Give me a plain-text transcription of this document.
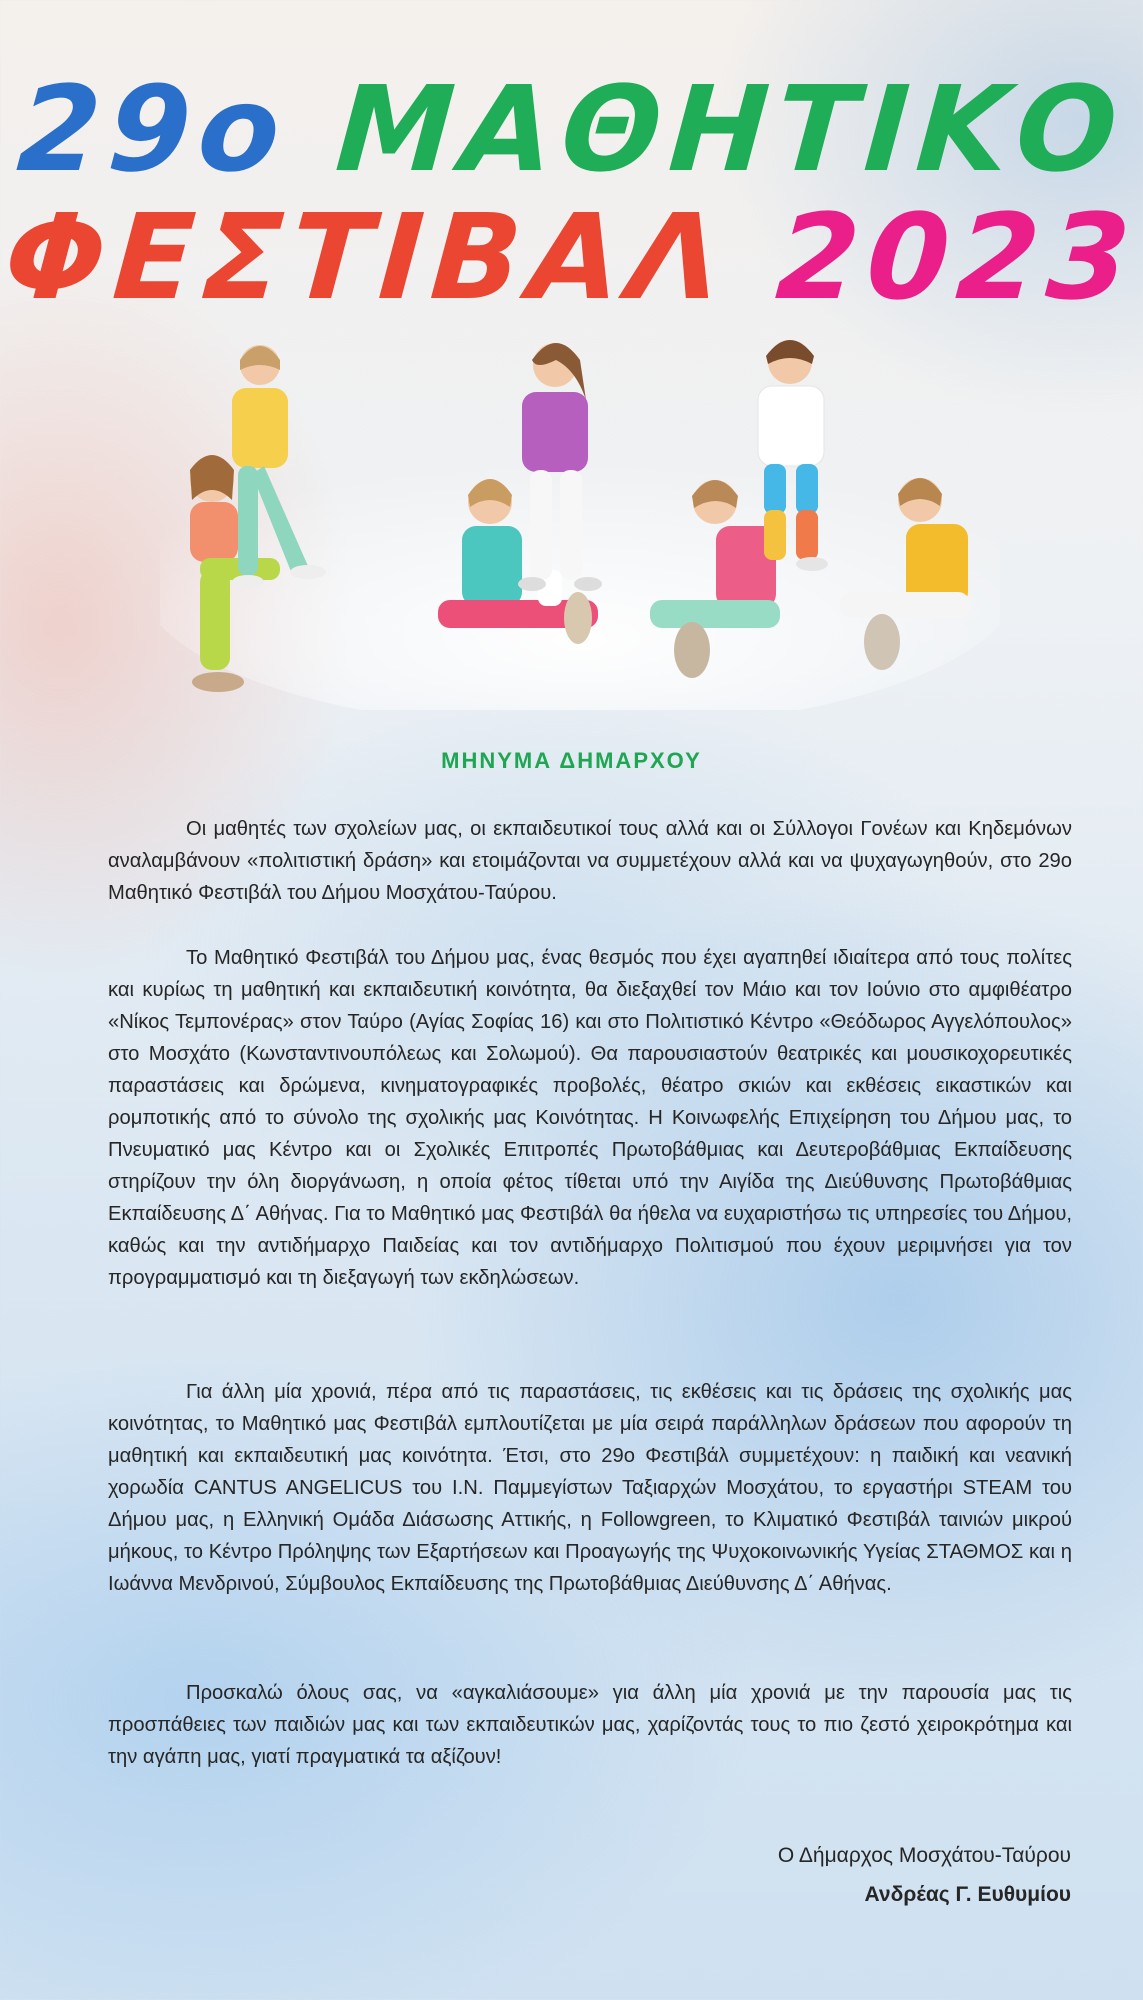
29ο ΜΑΘΗΤΙΚΟ
ΦΕΣΤΙΒΑΛ 2023
ΜΗΝΥΜΑ ΔΗΜΑΡΧΟΥ

Οι μαθητές των σχολείων μας, οι εκπαιδευτικοί τους αλλά και οι Σύλλογοι Γονέων και Κηδεμόνων αναλαμβάνουν «πολιτιστική δράση» και ετοιμάζονται να συμμετέχουν αλλά και να ψυχαγωγηθούν, στο 29ο Μαθητικό Φεστιβάλ του Δήμου Μοσχάτου-Ταύρου.

Το Μαθητικό Φεστιβάλ του Δήμου μας, ένας θεσμός που έχει αγαπηθεί ιδιαίτερα από τους πολίτες και κυρίως τη μαθητική και εκπαιδευτική κοινότητα, θα διεξαχθεί τον Μάιο και τον Ιούνιο στο αμφιθέατρο «Νίκος Τεμπονέρας» στον Ταύρο (Αγίας Σοφίας 16) και στο Πολιτιστικό Κέντρο «Θεόδωρος Αγγελόπουλος» στο Μοσχάτο (Κωνσταντινουπόλεως και Σολωμού). Θα παρουσιαστούν θεατρικές και μουσικοχορευτικές παραστάσεις και δρώμενα, κινηματογραφικές προβολές, θέατρο σκιών και εκθέσεις εικαστικών και ρομποτικής από το σύνολο της σχολικής μας Κοινότητας. Η Κοινωφελής Επιχείρηση του Δήμου μας, το Πνευματικό μας Κέντρο και οι Σχολικές Επιτροπές Πρωτοβάθμιας και Δευτεροβάθμιας Εκπαίδευσης στηρίζουν την όλη διοργάνωση, η οποία φέτος τίθεται υπό την Αιγίδα της Διεύθυνσης Πρωτοβάθμιας Εκπαίδευσης Δ΄ Αθήνας. Για το Μαθητικό μας Φεστιβάλ θα ήθελα να ευχαριστήσω τις υπηρεσίες του Δήμου, καθώς και την αντιδήμαρχο Παιδείας και τον αντιδήμαρχο Πολιτισμού που έχουν μεριμνήσει για τον προγραμματισμό και τη διεξαγωγή των εκδηλώσεων.

Για άλλη μία χρονιά, πέρα από τις παραστάσεις, τις εκθέσεις και τις δράσεις της σχολικής μας κοινότητας, το Μαθητικό μας Φεστιβάλ εμπλουτίζεται με μία σειρά παράλληλων δράσεων που αφορούν τη μαθητική και εκπαιδευτική μας κοινότητα. Έτσι, στο 29ο Φεστιβάλ συμμετέχουν: η παιδική και νεανική χορωδία CANTUS ANGELICUS του Ι.Ν. Παμμεγίστων Ταξιαρχών Μοσχάτου, το εργαστήρι STEAM του Δήμου μας, η Ελληνική Ομάδα Διάσωσης Αττικής, η Followgreen, το Κλιματικό Φεστιβάλ ταινιών μικρού μήκους, το Κέντρο Πρόληψης των Εξαρτήσεων και Προαγωγής της Ψυχοκοινωνικής Υγείας ΣΤΑΘΜΟΣ και η Ιωάννα Μενδρινού, Σύμβουλος Εκπαίδευσης της Πρωτοβάθμιας Διεύθυνσης Δ΄ Αθήνας.

Προσκαλώ όλους σας, να «αγκαλιάσουμε» για άλλη μία χρονιά με την παρουσία μας τις προσπάθειες των παιδιών μας και των εκπαιδευτικών μας, χαρίζοντάς τους το πιο ζεστό χειροκρότημα και την αγάπη μας, γιατί πραγματικά τα αξίζουν!

Ο Δήμαρχος Μοσχάτου-Ταύρου
Ανδρέας Γ. Ευθυμίου
